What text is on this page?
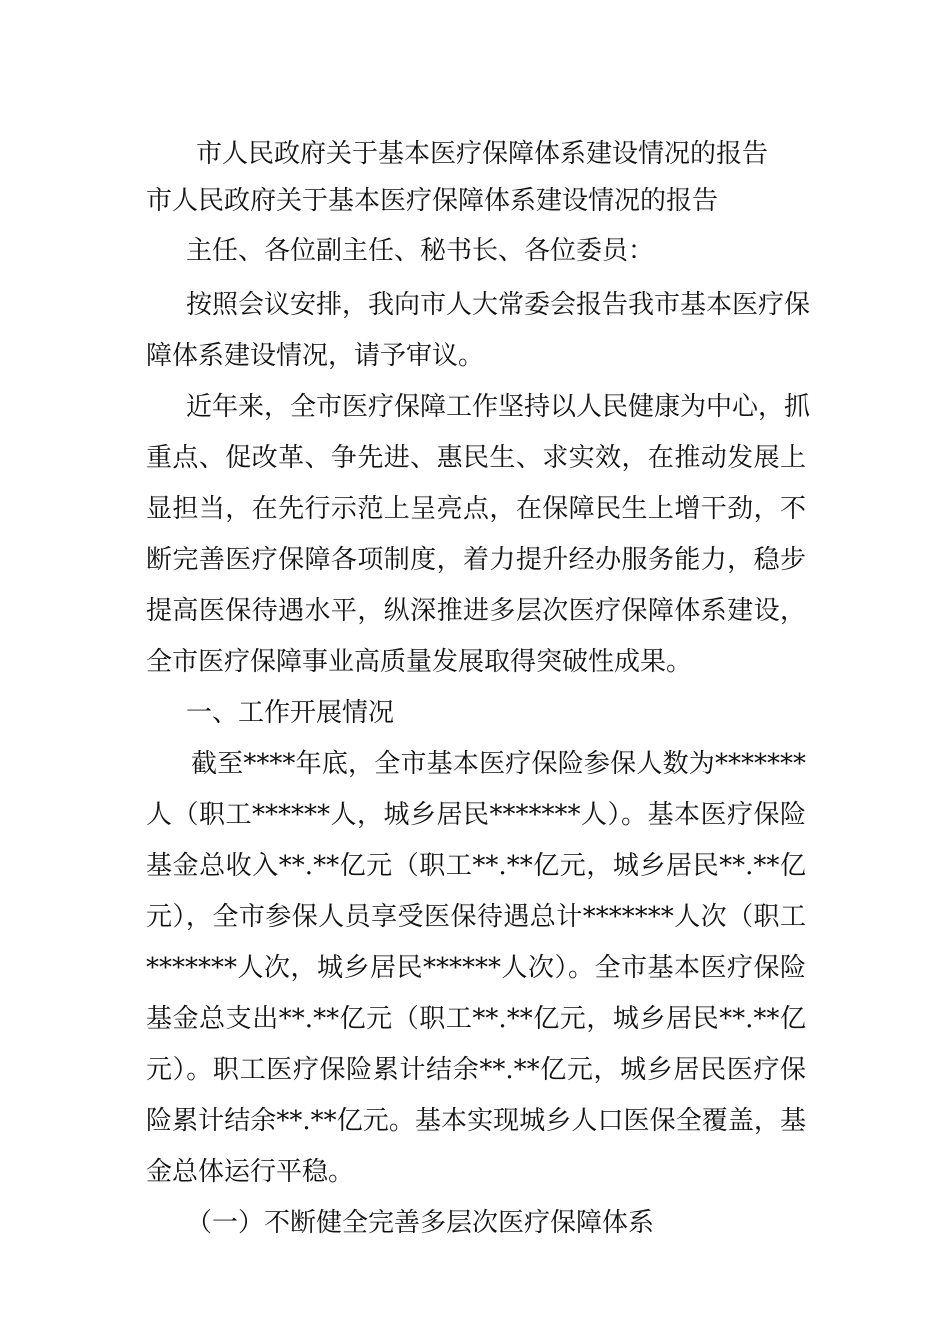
市人民政府关于基本医疗保障体系建设情况的报告
市人民政府关于基本医疗保障体系建设情况的报告
主任、各位副主任、秘书长、各位委员：
按照会议安排，我向市人大常委会报告我市基本医疗保
障体系建设情况，请予审议。
近年来，全市医疗保障工作坚持以人民健康为中心，抓
重点、促改革、争先进、惠民生、求实效，在推动发展上
显担当，在先行示范上呈亮点，在保障民生上增干劲，不
断完善医疗保障各项制度，着力提升经办服务能力，稳步
提高医保待遇水平，纵深推进多层次医疗保障体系建设，
全市医疗保障事业高质量发展取得突破性成果。
一、工作开展情况
截至****年底，全市基本医疗保险参保人数为*******
人（职工******人，城乡居民*******人）。基本医疗保险
基金总收入**.**亿元（职工**.**亿元，城乡居民**.**亿
元），全市参保人员享受医保待遇总计*******人次（职工
*******人次，城乡居民******人次）。全市基本医疗保险
基金总支出**.**亿元（职工**.**亿元，城乡居民**.**亿
元）。职工医疗保险累计结余**.**亿元，城乡居民医疗保
险累计结余**.**亿元。基本实现城乡人口医保全覆盖，基
金总体运行平稳。
（一）不断健全完善多层次医疗保障体系
